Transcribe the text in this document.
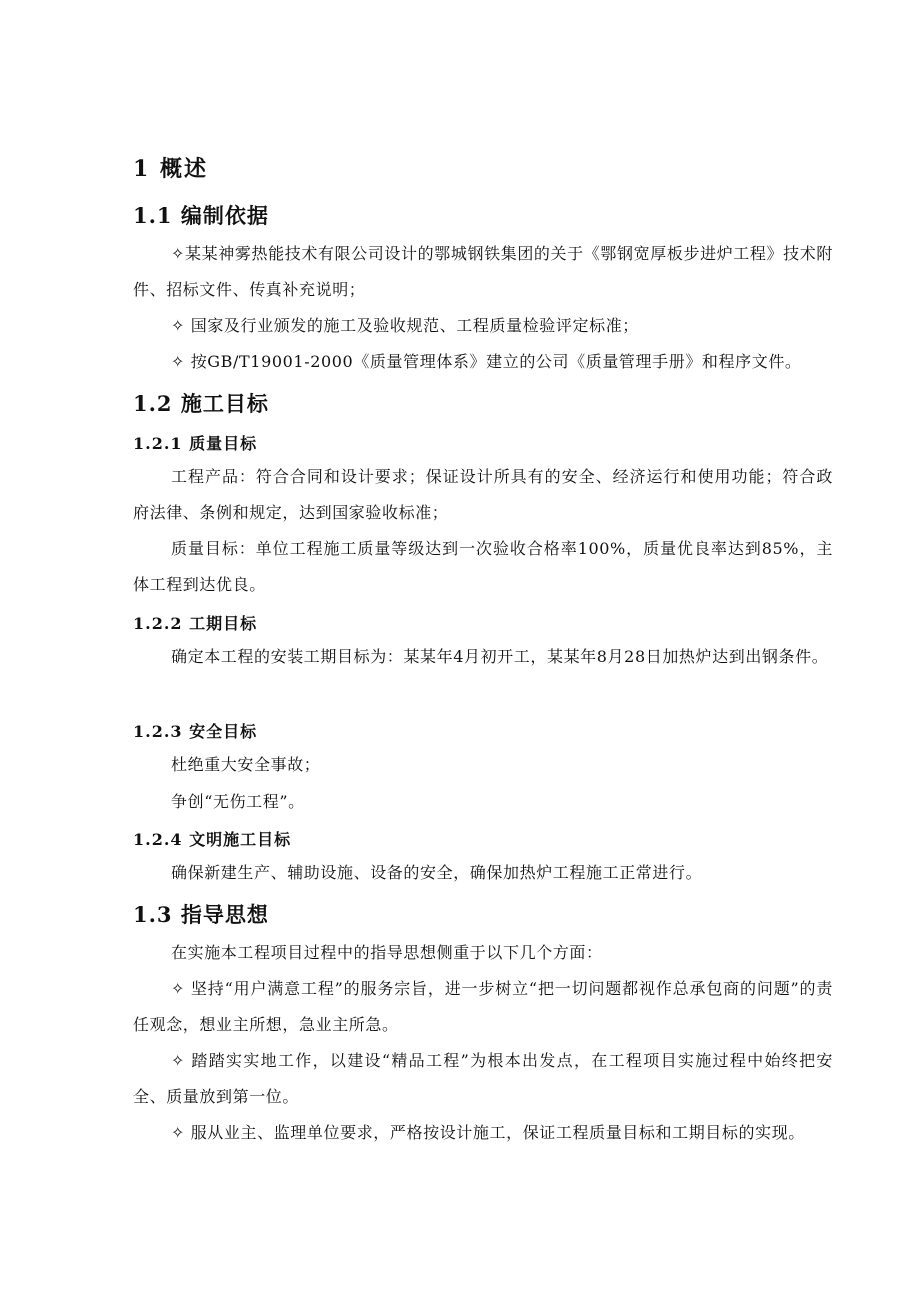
1 概述
1.1 编制依据
✧某某神雾热能技术有限公司设计的鄂城钢铁集团的关于《鄂钢宽厚板步进炉工程》技术附件、招标文件、传真补充说明；
✧ 国家及行业颁发的施工及验收规范、工程质量检验评定标准；
✧ 按GB/T19001-2000《质量管理体系》建立的公司《质量管理手册》和程序文件。
1.2 施工目标
1.2.1 质量目标
工程产品：符合合同和设计要求；保证设计所具有的安全、经济运行和使用功能；符合政府法律、条例和规定，达到国家验收标准；
质量目标：单位工程施工质量等级达到一次验收合格率100%，质量优良率达到85%，主体工程到达优良。
1.2.2 工期目标
确定本工程的安装工期目标为：某某年4月初开工，某某年8月28日加热炉达到出钢条件。
1.2.3 安全目标
杜绝重大安全事故；
争创“无伤工程”。
1.2.4 文明施工目标
确保新建生产、辅助设施、设备的安全，确保加热炉工程施工正常进行。
1.3 指导思想
在实施本工程项目过程中的指导思想侧重于以下几个方面：
✧ 坚持“用户满意工程”的服务宗旨，进一步树立“把一切问题都视作总承包商的问题”的责任观念，想业主所想，急业主所急。
✧ 踏踏实实地工作，以建设“精品工程”为根本出发点，在工程项目实施过程中始终把安全、质量放到第一位。
✧ 服从业主、监理单位要求，严格按设计施工，保证工程质量目标和工期目标的实现。
